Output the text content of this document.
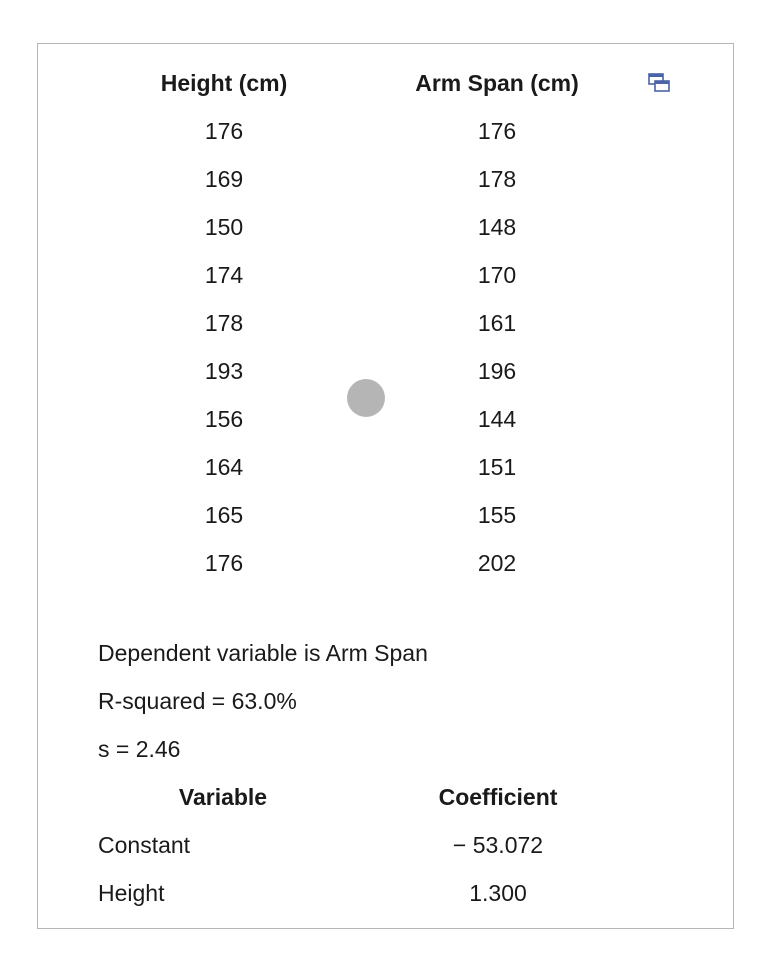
Height (cm)	Arm Span (cm)
176	176
169	178
150	148
174	170
178	161
193	196
156	144
164	151
165	155
176	202
Dependent variable is Arm Span
R-squared = 63.0%
s = 2.46
Variable	Coefficient
Constant	− 53.072
Height	1.300
